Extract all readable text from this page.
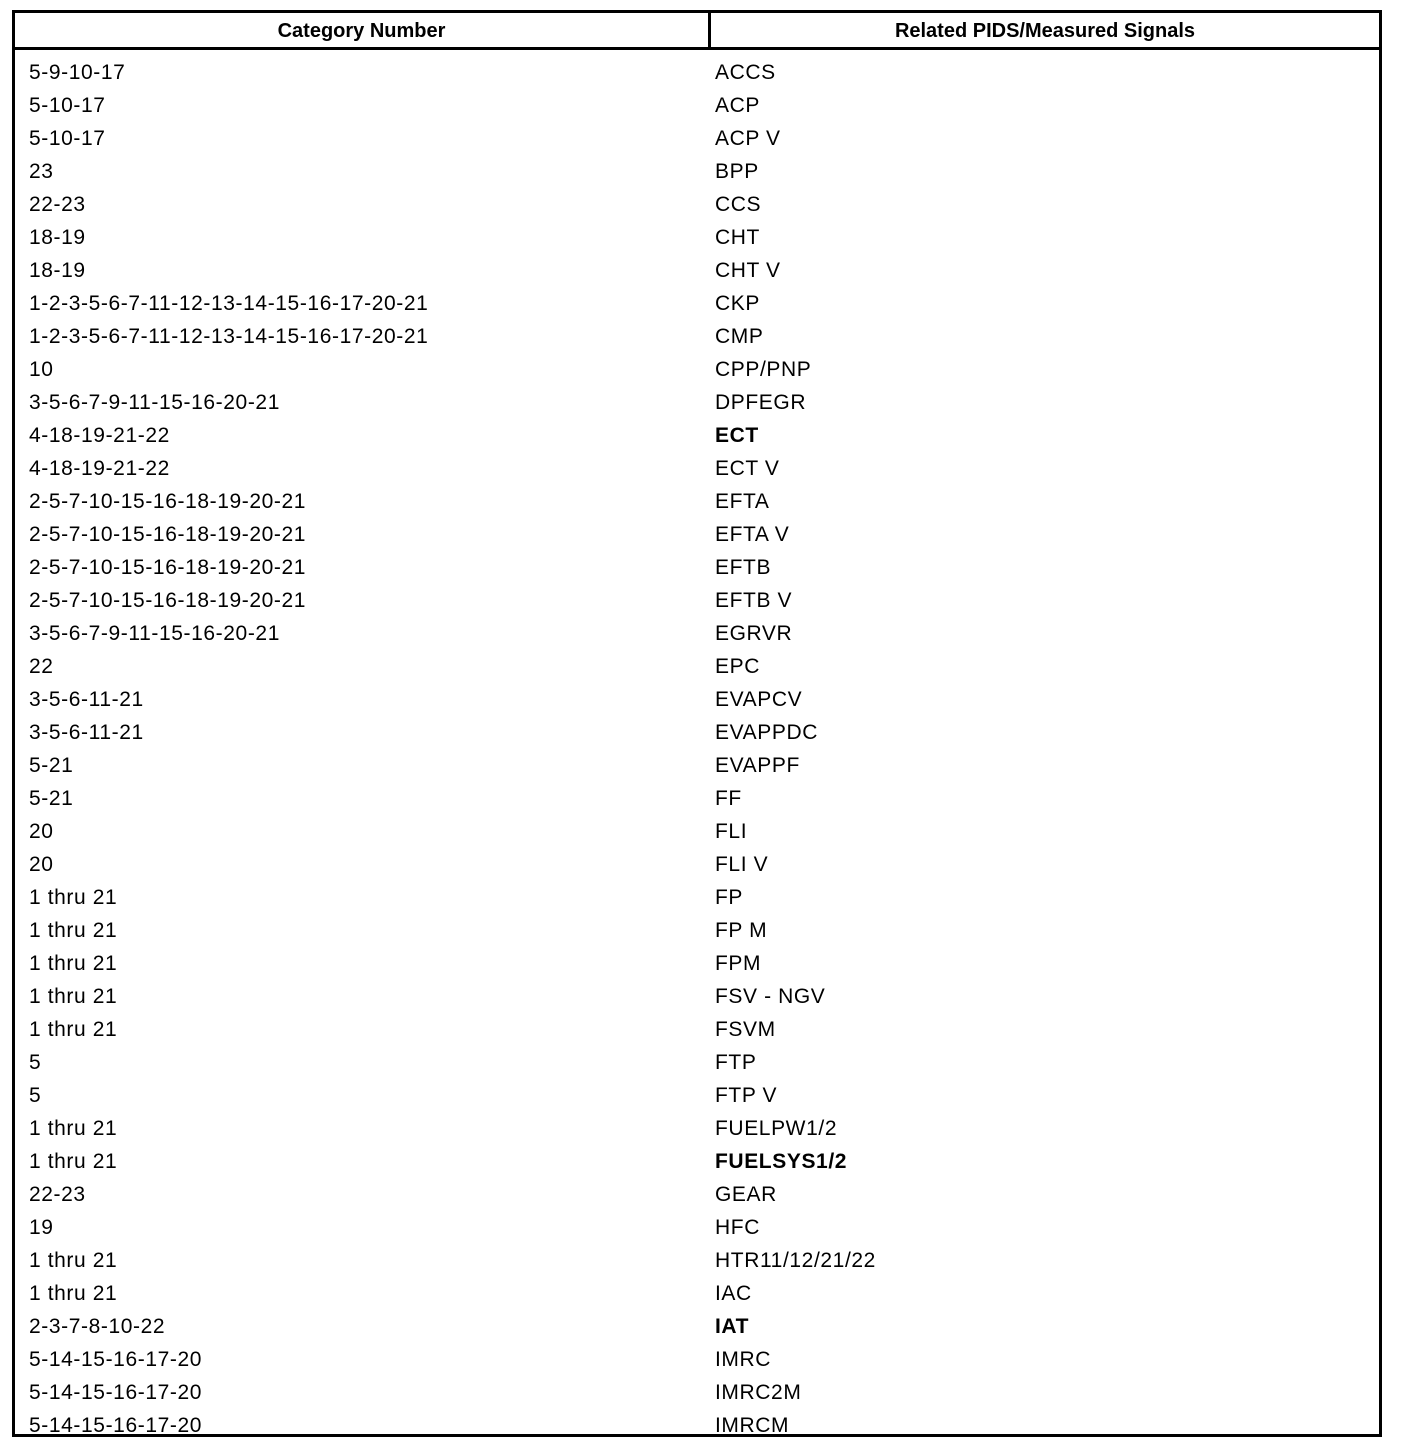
Category Number	Related PIDS/Measured Signals
5-9-10-17	ACCS
5-10-17	ACP
5-10-17	ACP V
23	BPP
22-23	CCS
18-19	CHT
18-19	CHT V
1-2-3-5-6-7-11-12-13-14-15-16-17-20-21	CKP
1-2-3-5-6-7-11-12-13-14-15-16-17-20-21	CMP
10	CPP/PNP
3-5-6-7-9-11-15-16-20-21	DPFEGR
4-18-19-21-22	ECT
4-18-19-21-22	ECT V
2-5-7-10-15-16-18-19-20-21	EFTA
2-5-7-10-15-16-18-19-20-21	EFTA V
2-5-7-10-15-16-18-19-20-21	EFTB
2-5-7-10-15-16-18-19-20-21	EFTB V
3-5-6-7-9-11-15-16-20-21	EGRVR
22	EPC
3-5-6-11-21	EVAPCV
3-5-6-11-21	EVAPPDC
5-21	EVAPPF
5-21	FF
20	FLI
20	FLI V
1 thru 21	FP
1 thru 21	FP M
1 thru 21	FPM
1 thru 21	FSV - NGV
1 thru 21	FSVM
5	FTP
5	FTP V
1 thru 21	FUELPW1/2
1 thru 21	FUELSYS1/2
22-23	GEAR
19	HFC
1 thru 21	HTR11/12/21/22
1 thru 21	IAC
2-3-7-8-10-22	IAT
5-14-15-16-17-20	IMRC
5-14-15-16-17-20	IMRC2M
5-14-15-16-17-20	IMRCM
